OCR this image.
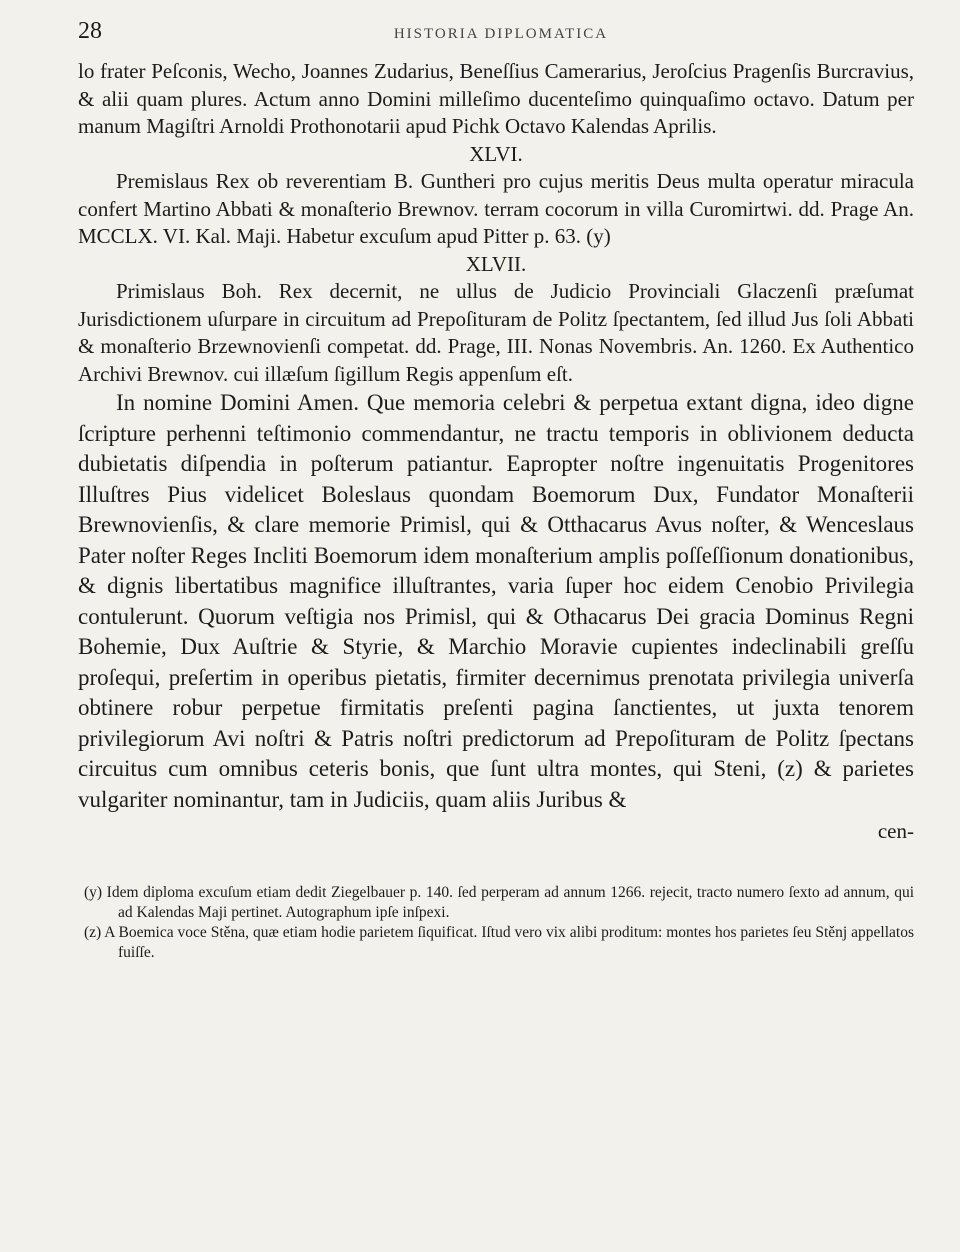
28	HISTORIA DIPLOMATICA

lo frater Peſconis, Wecho, Joannes Zudarius, Beneſſius Camerarius, Jeroſcius Pragenſis Burcravius, & alii quam plures. Actum anno Domini milleſimo ducenteſimo quinquaſimo octavo. Datum per manum Magiſtri Arnoldi Prothonotarii apud Pichk Octavo Kalendas Aprilis.

XLVI.

Premislaus Rex ob reverentiam B. Guntheri pro cujus meritis Deus multa operatur miracula confert Martino Abbati & monaſterio Brewnov. terram cocorum in villa Curomirtwi. dd. Prage An. MCCLX. VI. Kal. Maji. Habetur excuſum apud Pitter p. 63. (y)

XLVII.

Primislaus Boh. Rex decernit, ne ullus de Judicio Provinciali Glaczenſi præſumat Jurisdictionem uſurpare in circuitum ad Prepoſituram de Politz ſpectantem, ſed illud Jus ſoli Abbati & monaſterio Brzewnovienſi competat. dd. Prage, III. Nonas Novembris. An. 1260. Ex Authentico Archivi Brewnov. cui illæſum ſigillum Regis appenſum eſt.

In nomine Domini Amen. Que memoria celebri & perpetua extant digna, ideo digne ſcripture perhenni teſtimonio commendantur, ne tractu temporis in oblivionem deducta dubietatis diſpendia in poſterum patiantur. Eapropter noſtre ingenuitatis Progenitores Illuſtres Pius videlicet Boleslaus quondam Boemorum Dux, Fundator Monaſterii Brewnovienſis, & clare memorie Primisl, qui & Otthacarus Avus noſter, & Wenceslaus Pater noſter Reges Incliti Boemorum idem monaſterium amplis poſſeſſionum donationibus, & dignis libertatibus magnifice illuſtrantes, varia ſuper hoc eidem Cenobio Privilegia contulerunt. Quorum veſtigia nos Primisl, qui & Othacarus Dei gracia Dominus Regni Bohemie, Dux Auſtrie & Styrie, & Marchio Moravie cupientes indeclinabili greſſu proſequi, preſertim in operibus pietatis, firmiter decernimus prenotata privilegia univerſa obtinere robur perpetue firmitatis preſenti pagina ſanctientes, ut juxta tenorem privilegiorum Avi noſtri & Patris noſtri predictorum ad Prepoſituram de Politz ſpectans circuitus cum omnibus ceteris bonis, que ſunt ultra montes, qui Steni, (z) & parietes vulgariter nominantur, tam in Judiciis, quam aliis Juribus &

cen-

(y) Idem diploma excuſum etiam dedit Ziegelbauer p. 140. ſed perperam ad annum 1266. rejecit, tracto numero ſexto ad annum, qui ad Kalendas Maji pertinet. Autographum ipſe inſpexi.

(z) A Boemica voce Stěna, quæ etiam hodie parietem ſiquificat. Iſtud vero vix alibi proditum: montes hos parietes ſeu Stěnj appellatos fuiſſe.
